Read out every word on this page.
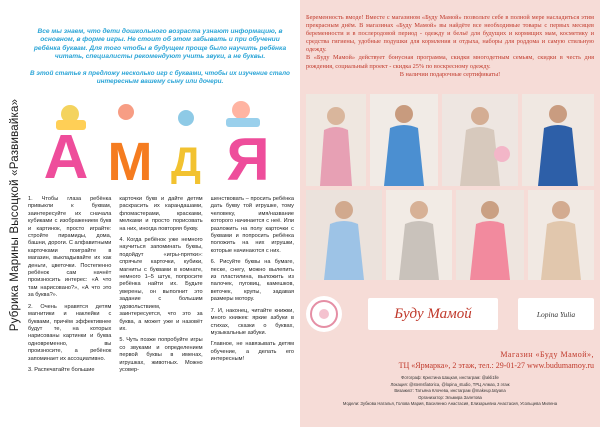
Рубрика Марины Высоцкой «Развивайка»
Все мы знаем, что дети дошкольного возраста узнают информацию, в основном, в форме игры. Не стоит об этом забывать и при обучении ребёнка буквам. Для того чтобы в будущем проще было научить ребёнка читать, специалисты рекомендуют учить звуки, а не буквы.
В этой статье я предложу несколько игр с буквами, чтобы их изучение стало интересным вашему сыну или дочери.
А М Д Я

1. Чтобы глаза ребёнка привыкли к буквам, заинтересуйте их сначала кубиками с изображением букв и картинок, просто играйте: стройте пирамиды, дома, башни, дороги. С алфавитными карточками поиграйте в магазин, выкладывайте их как деньги, цветочки. Постепенно ребёнок сам начнёт произносить интерес: «А что там нарисовано?», «А что это за буква?».

2. Очень нравятся детям магнитики и наклейки с буквами, причём эффективнее будут те, на которых нарисованы картинки и буква одновременно, вы произносите, а ребёнок запоминает их ассоциативно.

3. Распечатайте большие

карточки букв и дайте детям раскрасить их карандашами, фломастерами, красками, мелками и просто порисовать на них, иногда повторяя букву.

4. Когда ребёнок уже немного научиться запоминать буквы, подойдут «игры-прятки»: спрячьте карточки, кубики, магниты с буквами в комнате, немного 1–5 штук, попросите ребёнка найти их. Будьте уверены, он выполнит это задание с большим удовольствием, заинтересуется, что это за буква, а может уже и назовёт их.

5. Чуть позже попробуйте игры со звуками и определением первой буквы в именах, игрушках, животных. Можно усовер-

шенствовать – просить ребёнка дать букву той игрушке, тому человеку, имя/название которого начинается с неё. Или разложить на полу карточки с буквами и попросить ребёнка положить на них игрушки, которые начинаются с них.

6. Рисуйте буквы на бумаге, песке, снегу, можно вылепить из пластилина, выложить из палочек, пуговиц, камешков, веточек, крупы, задавая размеры мотору.

7. И, наконец, читайте книжки, много книжек: яркие азбуки в стихах, сказки о буквах, музыкальные азбуки.

Главное, не навязывать детям обучение, а делать его интересным!

Беременность вмоде! Вместе с магазином «Буду Мамой» позвольте себе в полной мере насладиться этим прекрасным днём. В магазинах «Буду Мамой» вы найдёте все необходимые товары с первых месяцев беременности и в послеродовой период - одежду и бельё для будущих и кормящих мам, косметику и средства гигиены, удобные подушки для кормления и отдыха, наборы для роддома и самую стильную одежду.

В «Буду Мамой» действует бонусная программа, скидки многодетным семьям, скидки в честь дня рождения, социальный проект - скидка 25% по воскресному одежду.

В наличии подарочные сертификаты!

Буду Мамой	Lopina Yulia
Магазин «Буду Мамой»,
ТЦ «Ярмарка», 2 этаж, тел.: 29-01-27 www.budumamoy.ru
Фотограф: Кристина Шацкая, инстаграм: @akli1lle
Локация: @stemsfiatorica, @lopina_studio, ТРЦ Алмаз, 3 этаж
Визажист: Татьяна Клочева, инстаграм @makeup.tatyana
Организатор: Эльмира Залетова
Модели: Зубкова Наталья, Голова Мария, Василенко Анастасия, Елизарьевна Анастасия, Усольцева Милена
